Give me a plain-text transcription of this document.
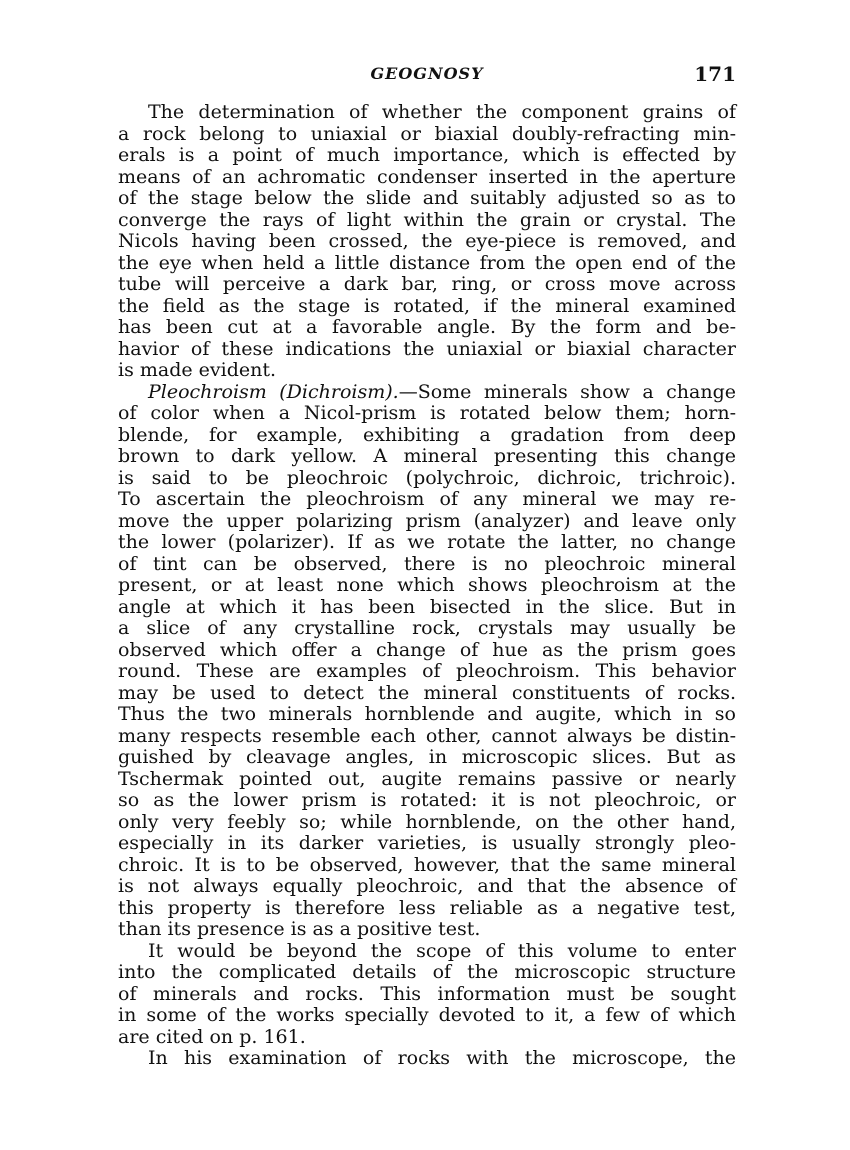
GEOGNOSY	171
The determination of whether the component grains of
a rock belong to uniaxial or biaxial doubly-refracting min-
erals is a point of much importance, which is effected by
means of an achromatic condenser inserted in the aperture
of the stage below the slide and suitably adjusted so as to
converge the rays of light within the grain or crystal. The
Nicols having been crossed, the eye-piece is removed, and
the eye when held a little distance from the open end of the
tube will perceive a dark bar, ring, or cross move across
the field as the stage is rotated, if the mineral examined
has been cut at a favorable angle. By the form and be-
havior of these indications the uniaxial or biaxial character
is made evident.
Pleochroism (Dichroism).—Some minerals show a change
of color when a Nicol-prism is rotated below them; horn-
blende, for example, exhibiting a gradation from deep
brown to dark yellow. A mineral presenting this change
is said to be pleochroic (polychroic, dichroic, trichroic).
To ascertain the pleochroism of any mineral we may re-
move the upper polarizing prism (analyzer) and leave only
the lower (polarizer). If as we rotate the latter, no change
of tint can be observed, there is no pleochroic mineral
present, or at least none which shows pleochroism at the
angle at which it has been bisected in the slice. But in
a slice of any crystalline rock, crystals may usually be
observed which offer a change of hue as the prism goes
round. These are examples of pleochroism. This behavior
may be used to detect the mineral constituents of rocks.
Thus the two minerals hornblende and augite, which in so
many respects resemble each other, cannot always be distin-
guished by cleavage angles, in microscopic slices. But as
Tschermak pointed out, augite remains passive or nearly
so as the lower prism is rotated: it is not pleochroic, or
only very feebly so; while hornblende, on the other hand,
especially in its darker varieties, is usually strongly pleo-
chroic. It is to be observed, however, that the same mineral
is not always equally pleochroic, and that the absence of
this property is therefore less reliable as a negative test,
than its presence is as a positive test.
It would be beyond the scope of this volume to enter
into the complicated details of the microscopic structure
of minerals and rocks. This information must be sought
in some of the works specially devoted to it, a few of which
are cited on p. 161.
In his examination of rocks with the microscope, the
